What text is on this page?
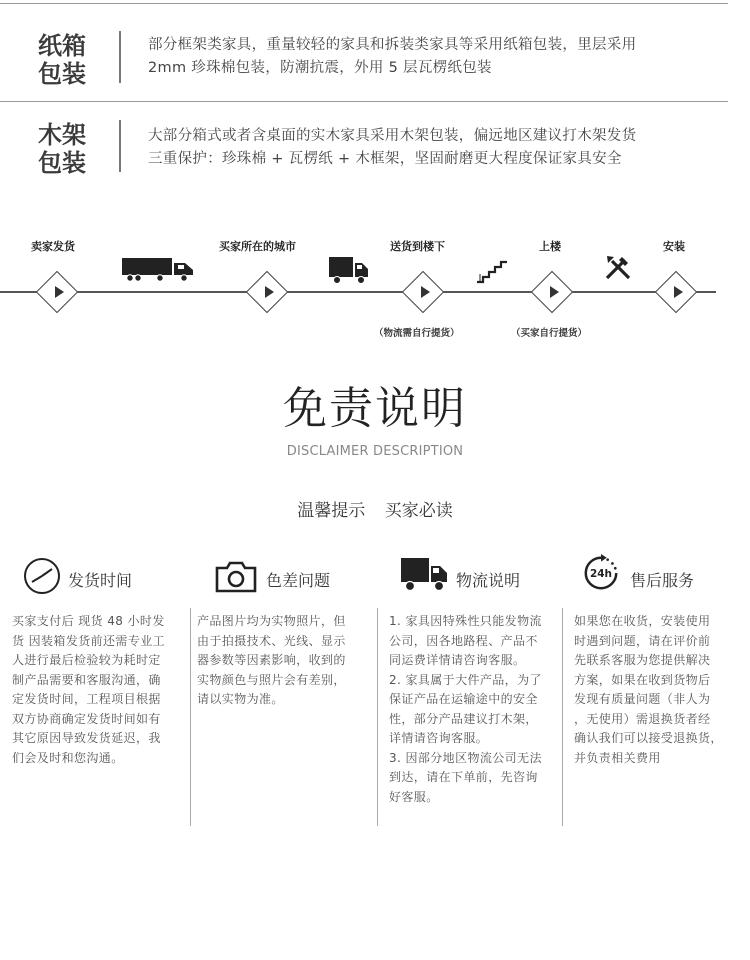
纸箱
包装
部分框架类家具，重量较轻的家具和拆装类家具等采用纸箱包装，里层采用
2mm 珍珠棉包装，防潮抗震，外用 5 层瓦楞纸包装
木架
包装
大部分箱式或者含桌面的实木家具采用木架包装，偏远地区建议打木架发货
三重保护：珍珠棉 + 瓦楞纸 + 木框架，坚固耐磨更大程度保证家具安全
卖家发货	买家所在的城市	送货到楼下	上楼	安装
（物流需自行提货）	（买家自行提货）
免责说明
DISCLAIMER DESCRIPTION
温馨提示 买家必读
发货时间	色差问题	物流说明	24h 售后服务
买家支付后 现货 48 小时发
货 因装箱发货前还需专业工
人进行最后检验较为耗时定
制产品需要和客服沟通，确
定发货时间，工程项目根据
双方协商确定发货时间如有
其它原因导致发货延迟，我
们会及时和您沟通。
产品图片均为实物照片，但
由于拍摄技术、光线、显示
器参数等因素影响，收到的
实物颜色与照片会有差别，
请以实物为准。
1. 家具因特殊性只能发物流
公司，因各地路程、产品不
同运费详情请咨询客服。
2. 家具属于大件产品，为了
保证产品在运输途中的安全
性，部分产品建议打木架，
详情请咨询客服。
3. 因部分地区物流公司无法
到达，请在下单前，先咨询
好客服。
如果您在收货，安装使用
时遇到问题，请在评价前
先联系客服为您提供解决
方案，如果在收到货物后
发现有质量问题（非人为
，无使用）需退换货者经
确认我们可以接受退换货，
并负责相关费用
